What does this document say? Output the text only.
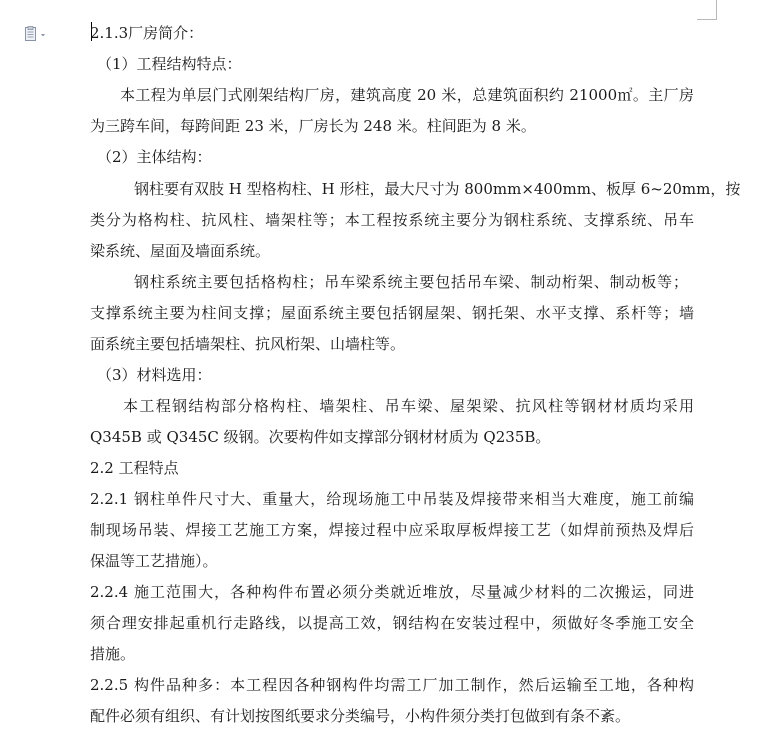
2.1.3厂房简介：
（1）工程结构特点：
本工程为单层门式刚架结构厂房，建筑高度 20 米，总建筑面积约 21000㎡。主厂房
为三跨车间，每跨间距 23 米，厂房长为 248 米。柱间距为 8 米。
（2）主体结构：
钢柱要有双肢 H 型格构柱、H 形柱，最大尺寸为 800mm×400mm、板厚 6~20mm，按
类分为格构柱、抗风柱、墙架柱等；本工程按系统主要分为钢柱系统、支撑系统、吊车
梁系统、屋面及墙面系统。
钢柱系统主要包括格构柱；吊车梁系统主要包括吊车梁、制动桁架、制动板等；
支撑系统主要为柱间支撑；屋面系统主要包括钢屋架、钢托架、水平支撑、系杆等；墙
面系统主要包括墙架柱、抗风桁架、山墙柱等。
（3）材料选用：
本工程钢结构部分格构柱、墙架柱、吊车梁、屋架梁、抗风柱等钢材材质均采用
Q345B 或 Q345C 级钢。次要构件如支撑部分钢材材质为 Q235B。
2.2 工程特点
2.2.1 钢柱单件尺寸大、重量大，给现场施工中吊装及焊接带来相当大难度，施工前编
制现场吊装、焊接工艺施工方案，焊接过程中应采取厚板焊接工艺（如焊前预热及焊后
保温等工艺措施）。
2.2.4 施工范围大，各种构件布置必须分类就近堆放，尽量减少材料的二次搬运，同进
须合理安排起重机行走路线，以提高工效，钢结构在安装过程中，须做好冬季施工安全
措施。
2.2.5 构件品种多：本工程因各种钢构件均需工厂加工制作，然后运输至工地，各种构
配件必须有组织、有计划按图纸要求分类编号，小构件须分类打包做到有条不紊。
